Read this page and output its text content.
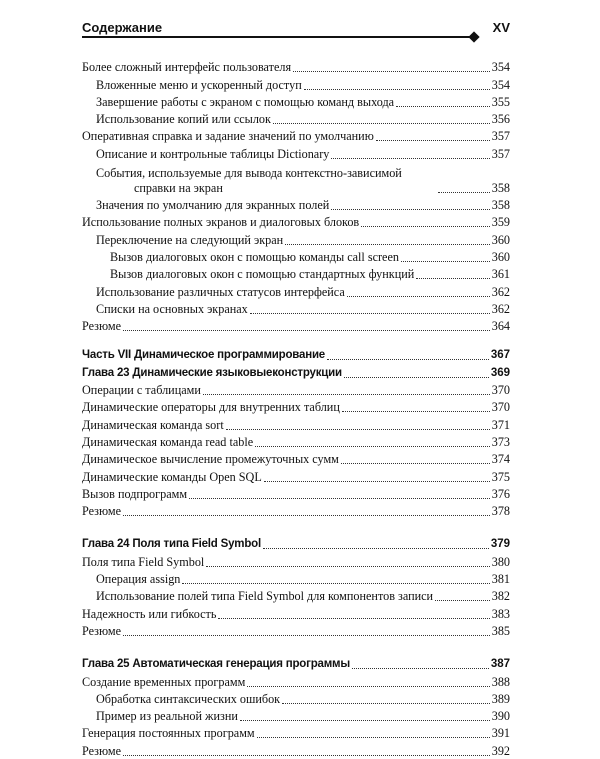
Содержание	XV
Более сложный интерфейс пользователя	354
Вложенные меню и ускоренный доступ	354
Завершение работы с экраном с помощью команд выхода	355
Использование копий или ссылок	356
Оперативная справка и задание значений по умолчанию	357
Описание и контрольные таблицы Dictionary	357
События, используемые для вывода контекстно-зависимой
справки на экран	358
Значения по умолчанию для экранных полей	358
Использование полных экранов и диалоговых блоков	359
Переключение на следующий экран	360
Вызов диалоговых окон с помощью команды call screen	360
Вызов диалоговых окон с помощью стандартных функций	361
Использование различных статусов интерфейса	362
Списки на основных экранах	362
Резюме	364
Часть VII Динамическое программирование	367
Глава 23 Динамические языковыеконструкции	369
Операции с таблицами	370
Динамические операторы для внутренних таблиц	370
Динамическая команда sort	371
Динамическая команда read table	373
Динамическое вычисление промежуточных сумм	374
Динамические команды Open SQL	375
Вызов подпрограмм	376
Резюме	378
Глава 24 Поля типа Field Symbol	379
Поля типа Field Symbol	380
Операция assign	381
Использование полей типа Field Symbol для компонентов записи	382
Надежность или гибкость	383
Резюме	385
Глава 25 Автоматическая генерация программы	387
Создание временных программ	388
Обработка синтаксических ошибок	389
Пример из реальной жизни	390
Генерация постоянных программ	391
Резюме	392
